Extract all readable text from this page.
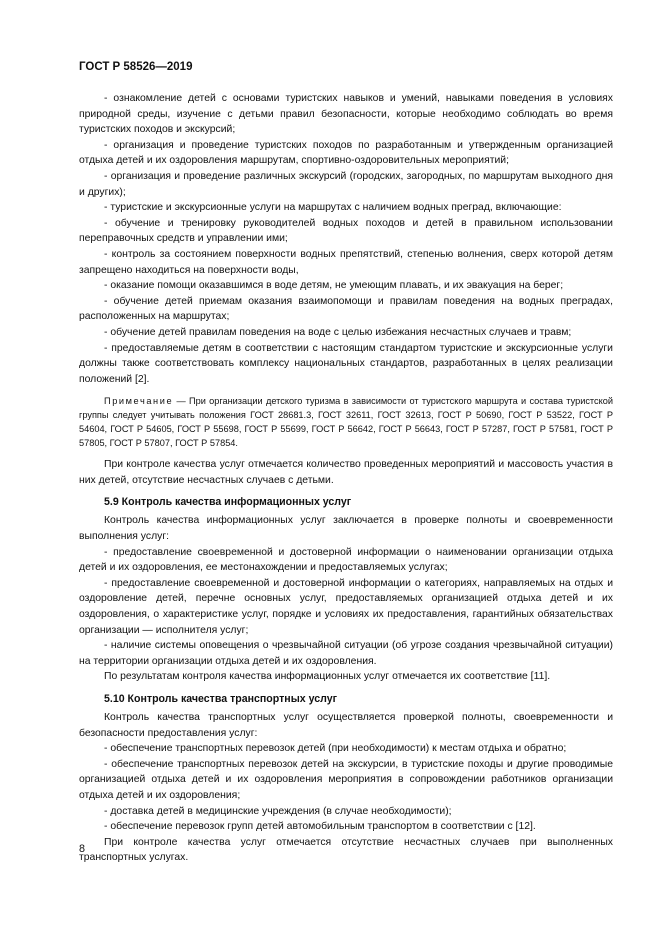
ГОСТ Р 58526—2019

- ознакомление детей с основами туристских навыков и умений, навыками поведения в условиях природной среды, изучение с детьми правил безопасности, которые необходимо соблюдать во время туристских походов и экскурсий;

- организация и проведение туристских походов по разработанным и утвержденным организацией отдыха детей и их оздоровления маршрутам, спортивно-оздоровительных мероприятий;

- организация и проведение различных экскурсий (городских, загородных, по маршрутам выходного дня и других);

- туристские и экскурсионные услуги на маршрутах с наличием водных преград, включающие:

- обучение и тренировку руководителей водных походов и детей в правильном использовании переправочных средств и управлении ими;

- контроль за состоянием поверхности водных препятствий, степенью волнения, сверх которой детям запрещено находиться на поверхности воды,

- оказание помощи оказавшимся в воде детям, не умеющим плавать, и их эвакуация на берег;

- обучение детей приемам оказания взаимопомощи и правилам поведения на водных преградах, расположенных на маршрутах;

- обучение детей правилам поведения на воде с целью избежания несчастных случаев и травм;

- предоставляемые детям в соответствии с настоящим стандартом туристские и экскурсионные услуги должны также соответствовать комплексу национальных стандартов, разработанных в целях реализации положений [2].

Примечание — При организации детского туризма в зависимости от туристского маршрута и состава туристской группы следует учитывать положения ГОСТ 28681.3, ГОСТ 32611, ГОСТ 32613, ГОСТ Р 50690, ГОСТ Р 53522, ГОСТ Р 54604, ГОСТ Р 54605, ГОСТ Р 55698, ГОСТ Р 55699, ГОСТ Р 56642, ГОСТ Р 56643, ГОСТ Р 57287, ГОСТ Р 57581, ГОСТ Р 57805, ГОСТ Р 57807, ГОСТ Р 57854.

При контроле качества услуг отмечается количество проведенных мероприятий и массовость участия в них детей, отсутствие несчастных случаев с детьми.

5.9 Контроль качества информационных услуг

Контроль качества информационных услуг заключается в проверке полноты и своевременности выполнения услуг:

- предоставление своевременной и достоверной информации о наименовании организации отдыха детей и их оздоровления, ее местонахождении и предоставляемых услугах;

- предоставление своевременной и достоверной информации о категориях, направляемых на отдых и оздоровление детей, перечне основных услуг, предоставляемых организацией отдыха детей и их оздоровления, о характеристике услуг, порядке и условиях их предоставления, гарантийных обязательствах организации — исполнителя услуг;

- наличие системы оповещения о чрезвычайной ситуации (об угрозе создания чрезвычайной ситуации) на территории организации отдыха детей и их оздоровления.

По результатам контроля качества информационных услуг отмечается их соответствие [11].

5.10 Контроль качества транспортных услуг

Контроль качества транспортных услуг осуществляется проверкой полноты, своевременности и безопасности предоставления услуг:

- обеспечение транспортных перевозок детей (при необходимости) к местам отдыха и обратно;

- обеспечение транспортных перевозок детей на экскурсии, в туристские походы и другие проводимые организацией отдыха детей и их оздоровления мероприятия в сопровождении работников организации отдыха детей и их оздоровления;

- доставка детей в медицинские учреждения (в случае необходимости);

- обеспечение перевозок групп детей автомобильным транспортом в соответствии с [12].

При контроле качества услуг отмечается отсутствие несчастных случаев при выполненных транспортных услугах.

8
